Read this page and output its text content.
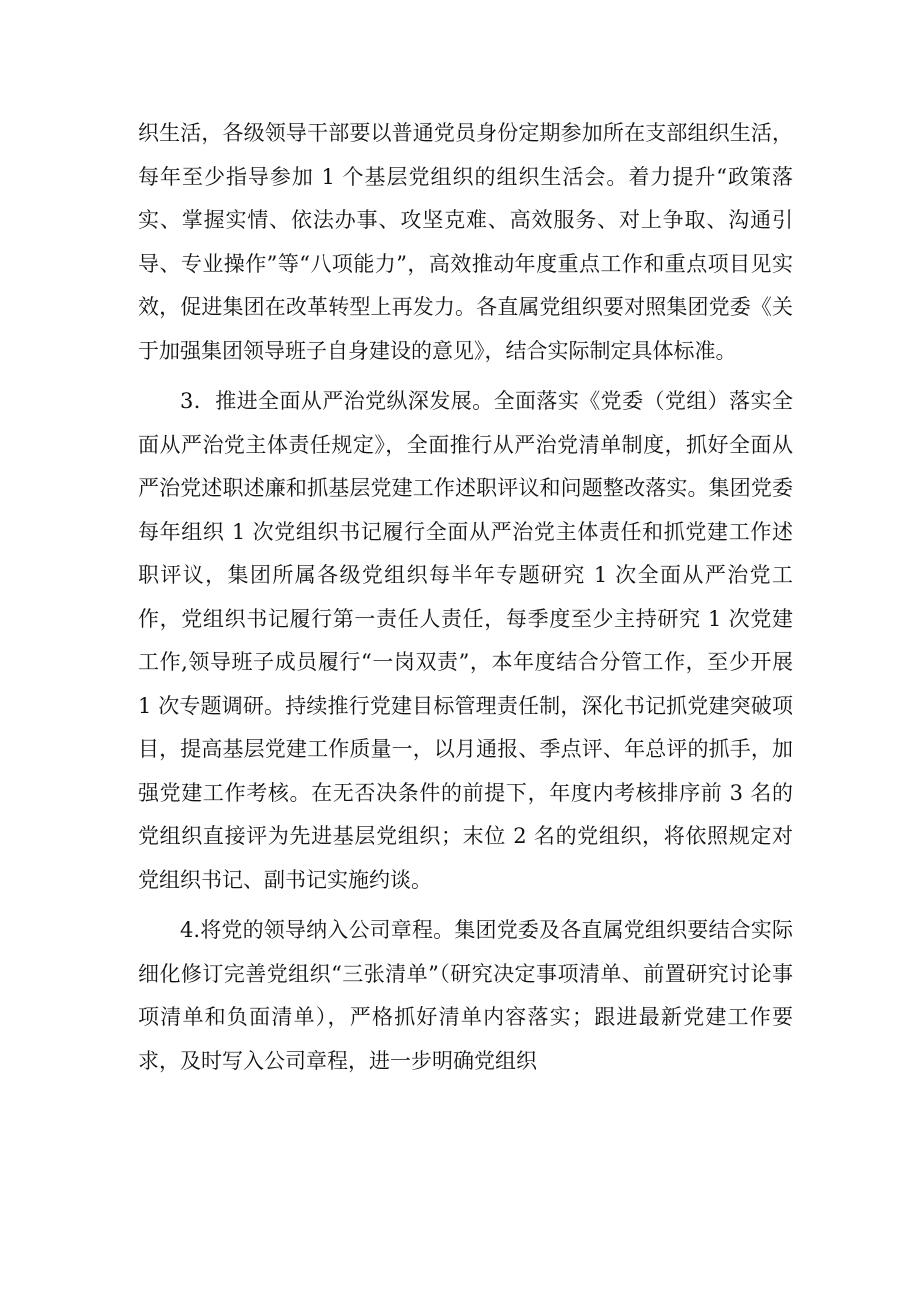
织生活，各级领导干部要以普通党员身份定期参加所在支部组织生活，每年至少指导参加 1 个基层党组织的组织生活会。着力提升“政策落实、掌握实情、依法办事、攻坚克难、高效服务、对上争取、沟通引导、专业操作”等“八项能力”，高效推动年度重点工作和重点项目见实效，促进集团在改革转型上再发力。各直属党组织要对照集团党委《关于加强集团领导班子自身建设的意见》，结合实际制定具体标准。

3．推进全面从严治党纵深发展。全面落实《党委（党组）落实全面从严治党主体责任规定》，全面推行从严治党清单制度，抓好全面从严治党述职述廉和抓基层党建工作述职评议和问题整改落实。集团党委每年组织 1 次党组织书记履行全面从严治党主体责任和抓党建工作述职评议，集团所属各级党组织每半年专题研究 1 次全面从严治党工作，党组织书记履行第一责任人责任，每季度至少主持研究 1 次党建工作,领导班子成员履行“一岗双责”，本年度结合分管工作，至少开展 1 次专题调研。持续推行党建目标管理责任制，深化书记抓党建突破项目，提高基层党建工作质量一，以月通报、季点评、年总评的抓手，加强党建工作考核。在无否决条件的前提下，年度内考核排序前 3 名的党组织直接评为先进基层党组织；末位 2 名的党组织，将依照规定对党组织书记、副书记实施约谈。

4.将党的领导纳入公司章程。集团党委及各直属党组织要结合实际细化修订完善党组织“三张清单”（研究决定事项清单、前置研究讨论事项清单和负面清单），严格抓好清单内容落实；跟进最新党建工作要求，及时写入公司章程，进一步明确党组织
